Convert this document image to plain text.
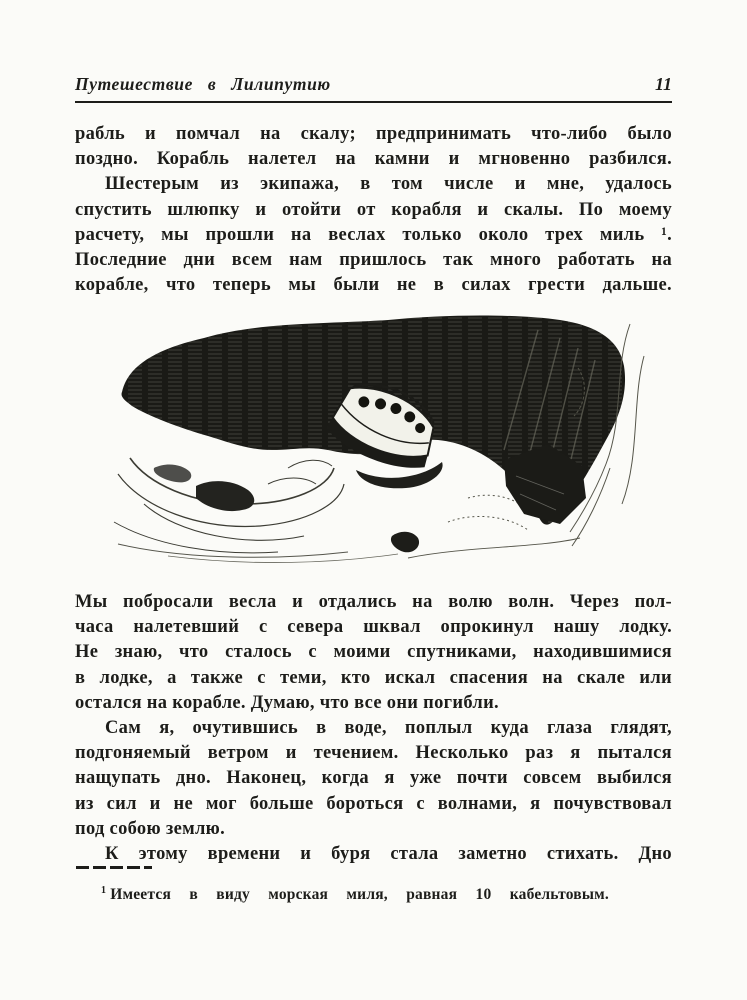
Путешествие в Лилипутию	11
рабль и помчал на скалу; предпринимать что-либо было
поздно. Корабль налетел на камни и мгновенно разбился.
Шестерым из экипажа, в том числе и мне, удалось
спустить шлюпку и отойти от корабля и скалы. По моему
расчету, мы прошли на веслах только около трех миль ¹.
Последние дни всем нам пришлось так много работать на
корабле, что теперь мы были не в силах грести дальше.
Мы побросали весла и отдались на волю волн. Через пол-
часа налетевший с севера шквал опрокинул нашу лодку.
Не знаю, что сталось с моими спутниками, находившимися
в лодке, а также с теми, кто искал спасения на скале или
остался на корабле. Думаю, что все они погибли.
Сам я, очутившись в воде, поплыл куда глаза глядят,
подгоняемый ветром и течением. Несколько раз я пытался
нащупать дно. Наконец, когда я уже почти совсем выбился
из сил и не мог больше бороться с волнами, я почувствовал
под собою землю.
К этому времени и буря стала заметно стихать. Дно
$^1$ Имеется в виду морская миля, равная 10 кабельтовым.
